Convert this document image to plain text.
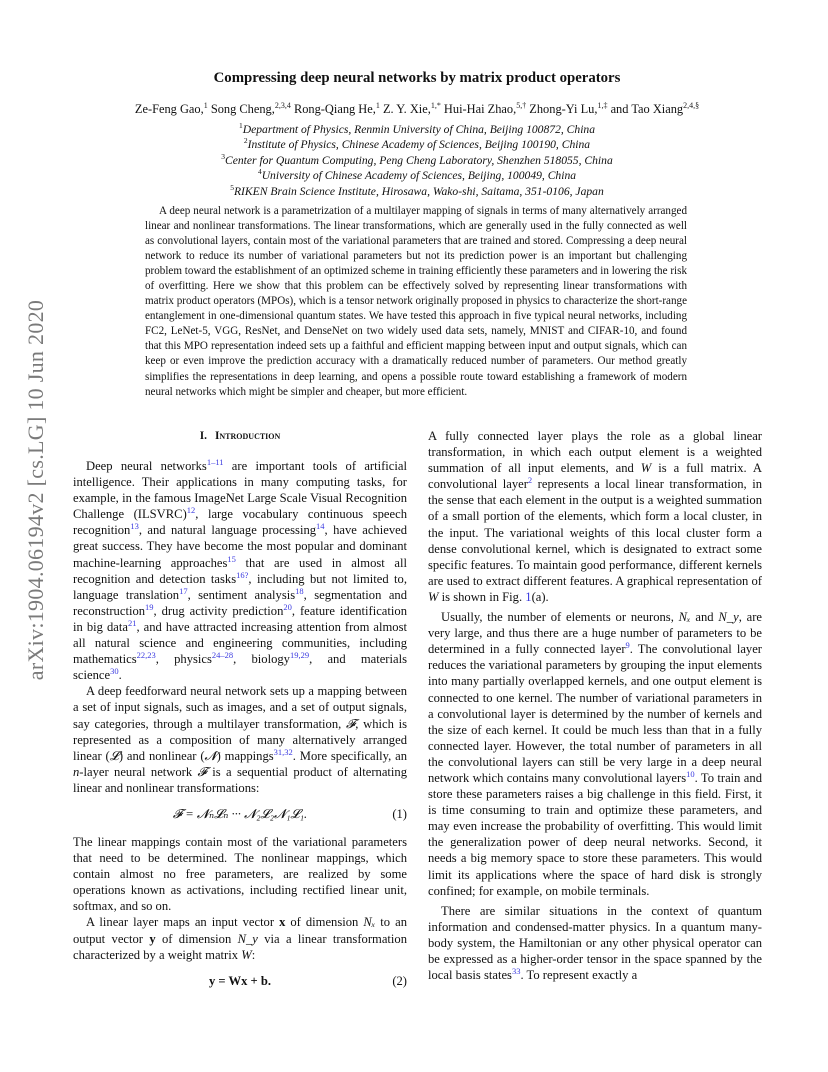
arXiv:1904.06194v2 [cs.LG] 10 Jun 2020
Compressing deep neural networks by matrix product operators
Ze-Feng Gao,$^1$ Song Cheng,$^{2,3,4}$ Rong-Qiang He,$^1$ Z. Y. Xie,$^{1,*}$ Hui-Hai Zhao,$^{5,\dagger}$ Zhong-Yi Lu,$^{1,\ddagger}$ and Tao Xiang$^{2,4,\S}$
$^1$Department of Physics, Renmin University of China, Beijing 100872, China
$^2$Institute of Physics, Chinese Academy of Sciences, Beijing 100190, China
$^3$Center for Quantum Computing, Peng Cheng Laboratory, Shenzhen 518055, China
$^4$University of Chinese Academy of Sciences, Beijing, 100049, China
$^5$RIKEN Brain Science Institute, Hirosawa, Wako-shi, Saitama, 351-0106, Japan
A deep neural network is a parametrization of a multilayer mapping of signals in terms of many alternatively arranged linear and nonlinear transformations. The linear transformations, which are generally used in the fully connected as well as convolutional layers, contain most of the variational parameters that are trained and stored. Compressing a deep neural network to reduce its number of variational parameters but not its prediction power is an important but challenging problem toward the establishment of an optimized scheme in training efficiently these parameters and in lowering the risk of overfitting. Here we show that this problem can be effectively solved by representing linear transformations with matrix product operators (MPOs), which is a tensor network originally proposed in physics to characterize the short-range entanglement in one-dimensional quantum states. We have tested this approach in five typical neural networks, including FC2, LeNet-5, VGG, ResNet, and DenseNet on two widely used data sets, namely, MNIST and CIFAR-10, and found that this MPO representation indeed sets up a faithful and efficient mapping between input and output signals, which can keep or even improve the prediction accuracy with a dramatically reduced number of parameters. Our method greatly simplifies the representations in deep learning, and opens a possible route toward establishing a framework of modern neural networks which might be simpler and cheaper, but more efficient.
I. Introduction

Deep neural networks$^{1-11}$ are important tools of artificial intelligence. Their applications in many computing tasks, for example, in the famous ImageNet Large Scale Visual Recognition Challenge (ILSVRC)$^{12}$, large vocabulary continuous speech recognition$^{13}$, and natural language processing$^{14}$, have achieved great success. They have become the most popular and dominant machine-learning approaches$^{15}$ that are used in almost all recognition and detection tasks$^{16?}$, including but not limited to, language translation$^{17}$, sentiment analysis$^{18}$, segmentation and reconstruction$^{19}$, drug activity prediction$^{20}$, feature identification in big data$^{21}$, and have attracted increasing attention from almost all natural science and engineering communities, including mathematics$^{22,23}$, physics$^{24-28}$, biology$^{19,29}$, and materials science$^{30}$.

A deep feedforward neural network sets up a mapping between a set of input signals, such as images, and a set of output signals, say categories, through a multilayer transformation, 𝓕, which is represented as a composition of many alternatively arranged linear (𝓛) and nonlinear (𝓝) mappings$^{31,32}$. More specifically, an n-layer neural network 𝓕 is a sequential product of alternating linear and nonlinear transformations:

𝓕 = 𝓝ₙ𝓛ₙ ··· 𝓝₂𝓛₂𝓝₁𝓛₁.	(1)

The linear mappings contain most of the variational parameters that need to be determined. The nonlinear mappings, which contain almost no free parameters, are realized by some operations known as activations, including rectified linear unit, softmax, and so on.

A linear layer maps an input vector x of dimension Nₓ to an output vector y of dimension N_y via a linear transformation characterized by a weight matrix W:

y = Wx + b.	(2)

A fully connected layer plays the role as a global linear transformation, in which each output element is a weighted summation of all input elements, and W is a full matrix. A convolutional layer$^2$ represents a local linear transformation, in the sense that each element in the output is a weighted summation of a small portion of the elements, which form a local cluster, in the input. The variational weights of this local cluster form a dense convolutional kernel, which is designated to extract some specific features. To maintain good performance, different kernels are used to extract different features. A graphical representation of W is shown in Fig. 1(a).

Usually, the number of elements or neurons, Nₓ and N_y, are very large, and thus there are a huge number of parameters to be determined in a fully connected layer$^9$. The convolutional layer reduces the variational parameters by grouping the input elements into many partially overlapped kernels, and one output element is connected to one kernel. The number of variational parameters in a convolutional layer is determined by the number of kernels and the size of each kernel. It could be much less than that in a fully connected layer. However, the total number of parameters in all the convolutional layers can still be very large in a deep neural network which contains many convolutional layers$^{10}$. To train and store these parameters raises a big challenge in this field. First, it is time consuming to train and optimize these parameters, and may even increase the probability of overfitting. This would limit the generalization power of deep neural networks. Second, it needs a big memory space to store these parameters. This would limit its applications where the space of hard disk is strongly confined; for example, on mobile terminals.

There are similar situations in the context of quantum information and condensed-matter physics. In a quantum many-body system, the Hamiltonian or any other physical operator can be expressed as a higher-order tensor in the space spanned by the local basis states$^{33}$. To represent exactly a
